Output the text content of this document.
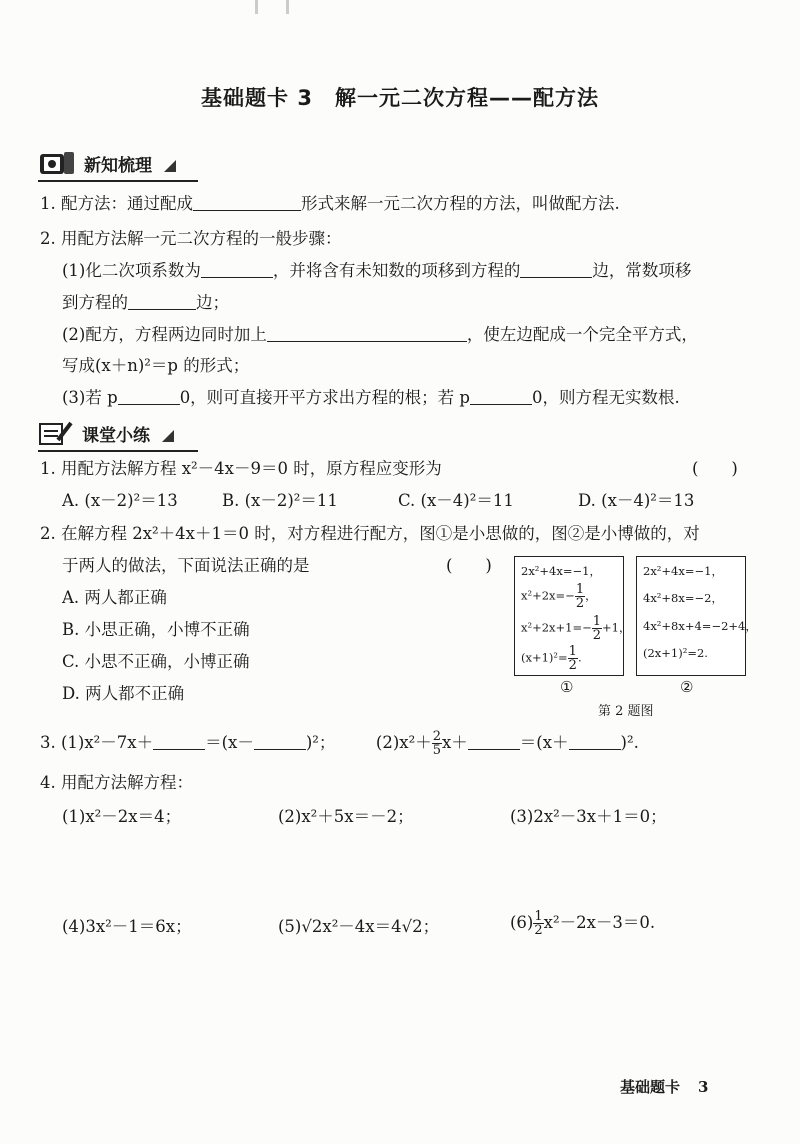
基础题卡 3　解一元二次方程——配方法
新知梳理
1. 配方法：通过配成	形式来解一元二次方程的方法，叫做配方法.
2. 用配方法解一元二次方程的一般步骤：
(1)化二次项系数为	，并将含有未知数的项移到方程的	边，常数项移
到方程的	边；
(2)配方，方程两边同时加上	，使左边配成一个完全平方式，
写成(x＋n)²＝p 的形式；
(3)若 p	0，则可直接开平方求出方程的根；若 p	0，则方程无实数根.
课堂小练
1. 用配方法解方程 x²－4x－9＝0 时，原方程应变形为	(　　)
A. (x－2)²＝13	B. (x－2)²＝11	C. (x－4)²＝11	D. (x－4)²＝13
2. 在解方程 2x²＋4x＋1＝0 时，对方程进行配方，图①是小思做的，图②是小博做的，对
于两人的做法，下面说法正确的是	(　　)
A. 两人都正确
B. 小思正确，小博不正确
C. 小思不正确，小博正确
D. 两人都不正确
2x²+4x=−1，
$x^2+2x=- \frac{1}{2}$ ，
$x^2+2x+1=- \frac{1}{2} +1$，
$(x+1)^2= \frac{1}{2}$ .
①
2x²+4x=−1，
4x²+8x=−2，
4x²+8x+4=−2+4，
(2x+1)²=2.
②
第 2 题图
3. (1)x²－7x＋	＝(x－	)²； $(2)x^2+ \frac{2}{5} x+$	＝(x＋	)².
4. 用配方法解方程：
(1)x²－2x＝4；	(2)x²＋5x＝－2；	(3)2x²－3x＋1＝0；
(4)3x²－1＝6x；	(5)√2x²－4x＝4√2；	$(6) \frac{1}{2} x^2-2x-3=0$.
基础题卡 3
